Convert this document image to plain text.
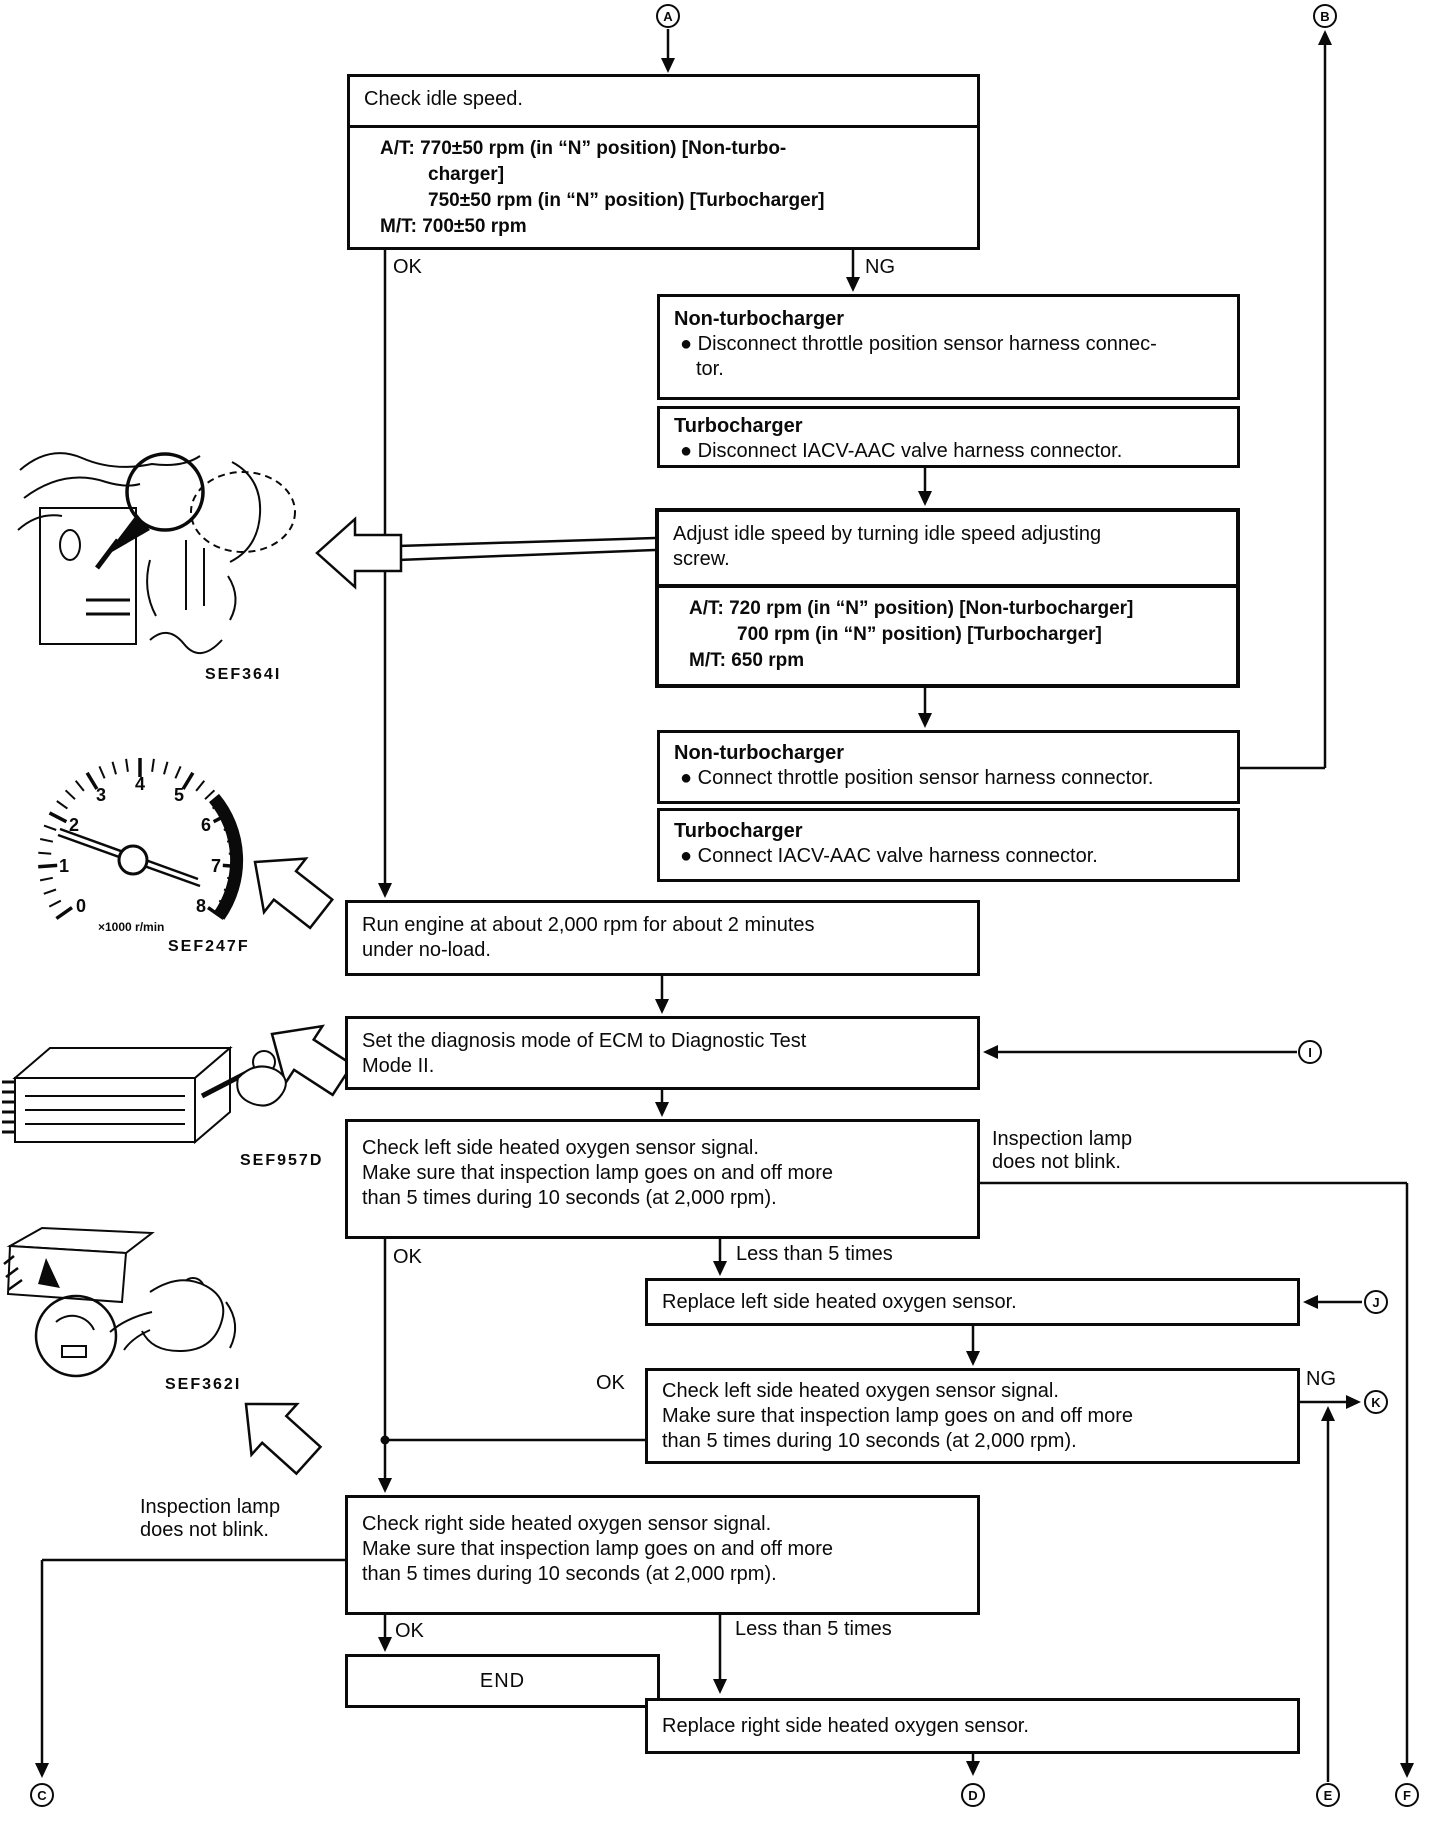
0
1
2
3
4
5
6
7
8
×1000 r/min
A	B
I
J
K
C	D	E	F
Check idle speed.
A/T: 770±50 rpm (in “N” position) [Non-turbo-
charger]
750±50 rpm (in “N” position) [Turbocharger]
M/T: 700±50 rpm
Non-turbocharger
● Disconnect throttle position sensor harness connec-
tor.
Turbocharger
● Disconnect IACV-AAC valve harness connector.
Adjust idle speed by turning idle speed adjusting
screw.
A/T: 720 rpm (in “N” position) [Non-turbocharger]
700 rpm (in “N” position) [Turbocharger]
M/T: 650 rpm
Non-turbocharger
● Connect throttle position sensor harness connector.
Turbocharger
● Connect IACV-AAC valve harness connector.
Run engine at about 2,000 rpm for about 2 minutes
under no-load.
Set the diagnosis mode of ECM to Diagnostic Test
Mode II.
Check left side heated oxygen sensor signal.
Make sure that inspection lamp goes on and off more
than 5 times during 10 seconds (at 2,000 rpm).
Replace left side heated oxygen sensor.
Check left side heated oxygen sensor signal.
Make sure that inspection lamp goes on and off more
than 5 times during 10 seconds (at 2,000 rpm).
Check right side heated oxygen sensor signal.
Make sure that inspection lamp goes on and off more
than 5 times during 10 seconds (at 2,000 rpm).
END
Replace right side heated oxygen sensor.
OK	NG
OK	Less than 5 times
OK	NG
OK	Less than 5 times
Inspection lamp
does not blink.
Inspection lamp
does not blink.
SEF364I
SEF247F
SEF957D
SEF362I
